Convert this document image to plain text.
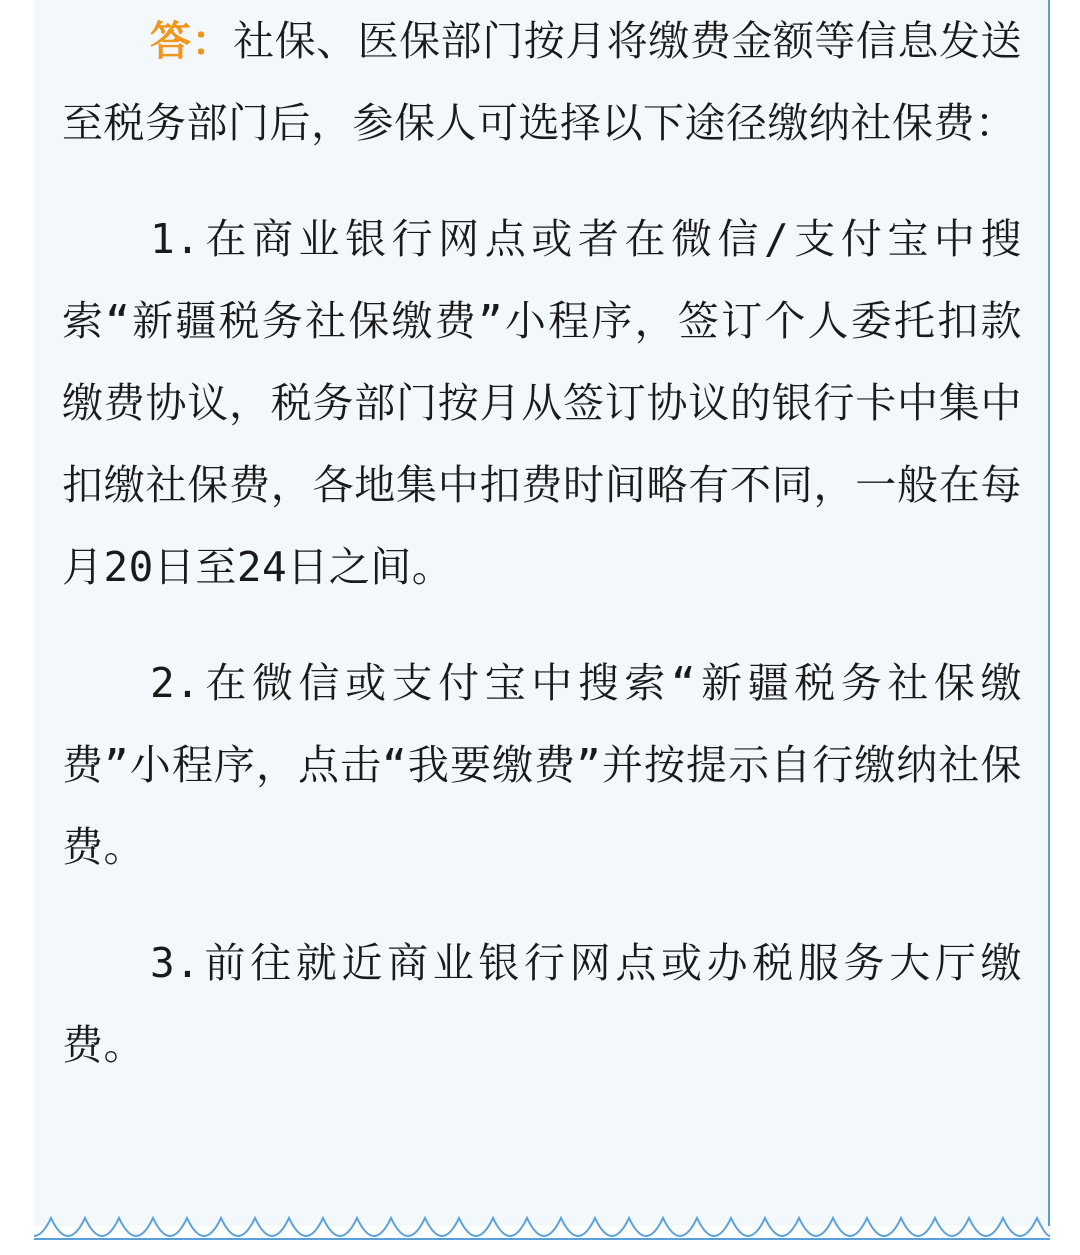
答：社保、医保部门按月将缴费金额等信息发送至税务部门后，参保人可选择以下途径缴纳社保费：

1.在商业银行网点或者在微信/支付宝中搜索“新疆税务社保缴费”小程序，签订个人委托扣款缴费协议，税务部门按月从签订协议的银行卡中集中扣缴社保费，各地集中扣费时间略有不同，一般在每月20日至24日之间。

2.在微信或支付宝中搜索“新疆税务社保缴费”小程序，点击“我要缴费”并按提示自行缴纳社保费。

3.前往就近商业银行网点或办税服务大厅缴费。
